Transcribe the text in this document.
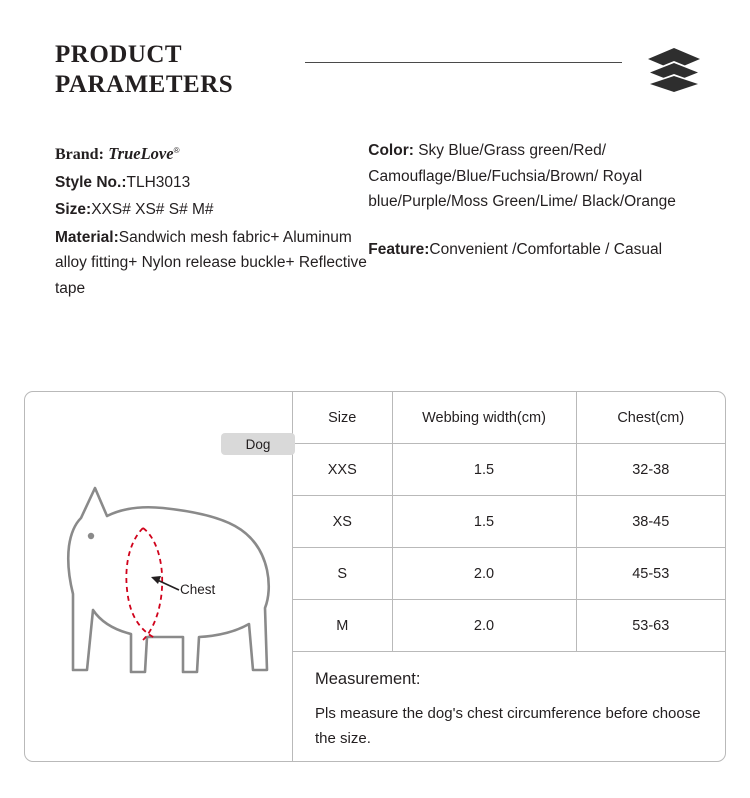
PRODUCT
PARAMETERS
Brand: TrueLove®
Style No.:TLH3013
Size:XXS# XS# S# M#
Material:Sandwich mesh fabric+ Aluminum alloy fitting+ Nylon release buckle+ Reflective tape
Color: Sky Blue/Grass green/Red/ Camouflage/Blue/Fuchsia/Brown/ Royal blue/Purple/Moss Green/Lime/ Black/Orange
Feature:Convenient /Comfortable / Casual
Dog
Chest
Size	Webbing width(cm)	Chest(cm)
XXS	1.5	32-38
XS	1.5	38-45
S	2.0	45-53
M	2.0	53-63
Measurement:
Pls measure the dog's chest circumference before choose the size.
